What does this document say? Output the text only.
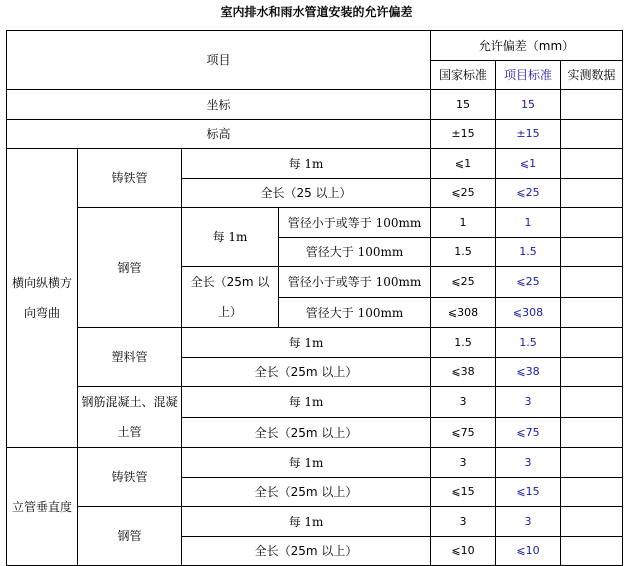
室内排水和雨水管道安装的允许偏差
项目				允许偏差（mm）		
				国家标准	项目标准	实测数据
坐标				15	15	
标高				±15	±15	
横向纵横方向弯曲	铸铁管	每 1m		⩽1	⩽1	
		全长（25 以上）		⩽25	⩽25	
	钢管	每 1m	管径小于或等于 100mm	1	1	
			管径大于 100mm	1.5	1.5	
		全长（25m 以上）	管径小于或等于 100mm	⩽25	⩽25	
			管径大于 100mm	⩽308	⩽308	
	塑料管	每 1m		1.5	1.5	
		全长（25m 以上）		⩽38	⩽38	
	钢筋混凝土、混凝土管	每 1m		3	3	
		全长（25m 以上）		⩽75	⩽75	
立管垂直度	铸铁管	每 1m		3	3	
		全长（25m 以上）		⩽15	⩽15	
	钢管	每 1m		3	3	
		全长（25m 以上）		⩽10	⩽10	
